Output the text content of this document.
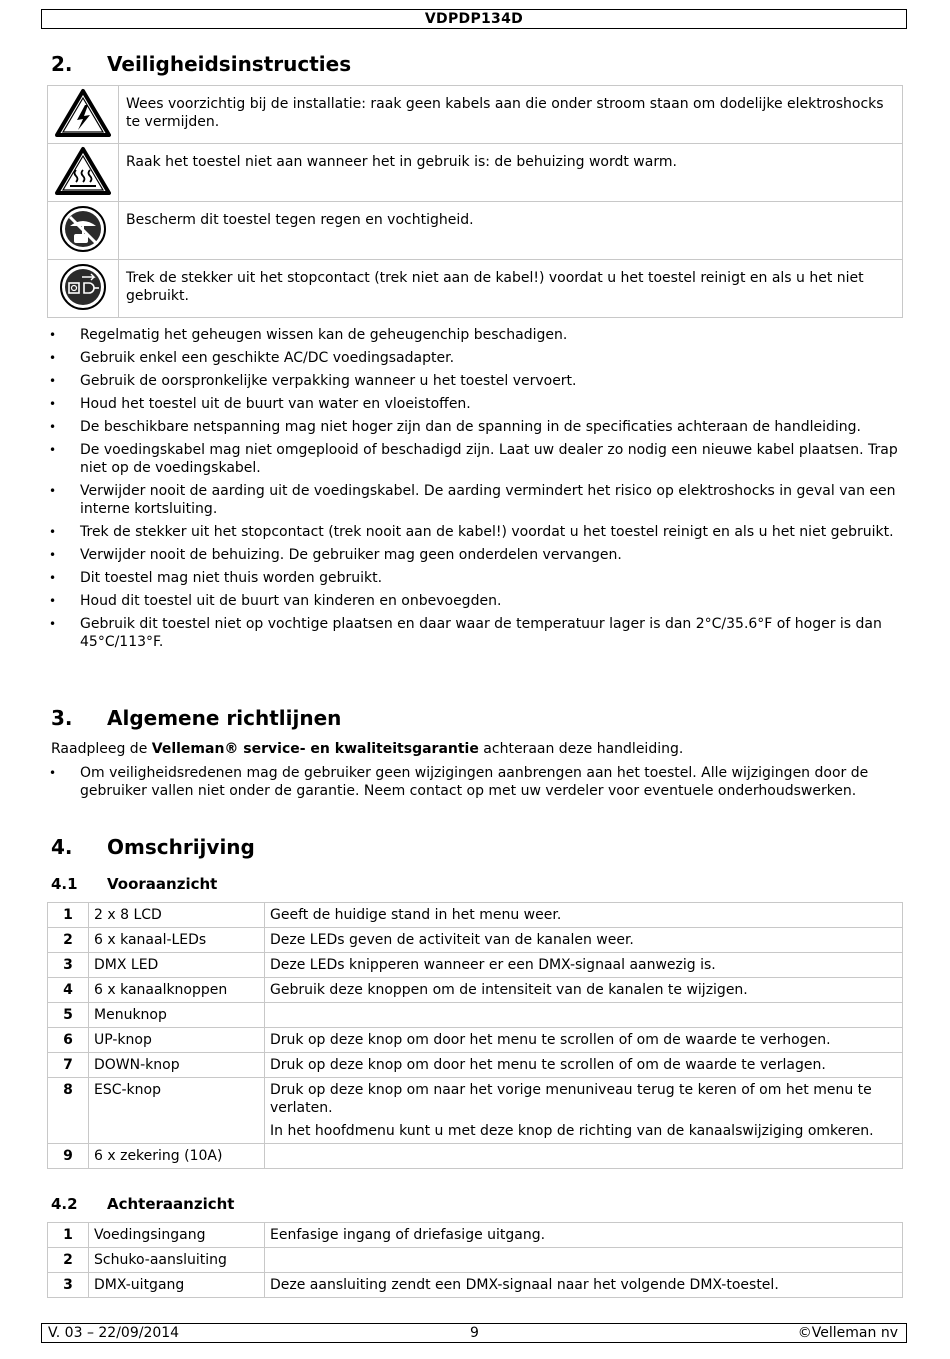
VDPDP134D
2. Veiligheidsinstructies
	Wees voorzichtig bij de installatie: raak geen kabels aan die onder stroom staan om dodelijke elektroshocks te vermijden.
	Raak het toestel niet aan wanneer het in gebruik is: de behuizing wordt warm.
	Bescherm dit toestel tegen regen en vochtigheid.
	Trek de stekker uit het stopcontact (trek niet aan de kabel!) voordat u het toestel reinigt en als u het niet gebruikt.
• Regelmatig het geheugen wissen kan de geheugenchip beschadigen.
• Gebruik enkel een geschikte AC/DC voedingsadapter.
• Gebruik de oorspronkelijke verpakking wanneer u het toestel vervoert.
• Houd het toestel uit de buurt van water en vloeistoffen.
• De beschikbare netspanning mag niet hoger zijn dan de spanning in de specificaties achteraan de handleiding.
• De voedingskabel mag niet omgeplooid of beschadigd zijn. Laat uw dealer zo nodig een nieuwe kabel plaatsen. Trap niet op de voedingskabel.
• Verwijder nooit de aarding uit de voedingskabel. De aarding vermindert het risico op elektroshocks in geval van een interne kortsluiting.
• Trek de stekker uit het stopcontact (trek nooit aan de kabel!) voordat u het toestel reinigt en als u het niet gebruikt.
• Verwijder nooit de behuizing. De gebruiker mag geen onderdelen vervangen.
• Dit toestel mag niet thuis worden gebruikt.
• Houd dit toestel uit de buurt van kinderen en onbevoegden.
• Gebruik dit toestel niet op vochtige plaatsen en daar waar de temperatuur lager is dan 2°C/35.6°F of hoger is dan 45°C/113°F.
3. Algemene richtlijnen

Raadpleeg de Velleman® service- en kwaliteitsgarantie achteraan deze handleiding.

• Om veiligheidsredenen mag de gebruiker geen wijzigingen aanbrengen aan het toestel. Alle wijzigingen door de gebruiker vallen niet onder de garantie. Neem contact op met uw verdeler voor eventuele onderhoudswerken.
4. Omschrijving
4.1 Vooraanzicht
1	2 x 8 LCD	Geeft de huidige stand in het menu weer.

2	6 x kanaal-LEDs	Deze LEDs geven de activiteit van de kanalen weer.

3	DMX LED	Deze LEDs knipperen wanneer er een DMX-signaal aanwezig is.

4	6 x kanaalknoppen	Gebruik deze knoppen om de intensiteit van de kanalen te wijzigen.

5	Menuknop	
6	UP-knop	Druk op deze knop om door het menu te scrollen of om de waarde te verhogen.

7	DOWN-knop	Druk op deze knop om door het menu te scrollen of om de waarde te verlagen.

8	ESC-knop	Druk op deze knop om naar het vorige menuniveau terug te keren of om het menu te verlaten.

In het hoofdmenu kunt u met deze knop de richting van de kanaalswijziging omkeren.

9	6 x zekering (10A)	
4.2 Achteraanzicht
1	Voedingsingang	Eenfasige ingang of driefasige uitgang.

2	Schuko-aansluiting	
3	DMX-uitgang	Deze aansluiting zendt een DMX-signaal naar het volgende DMX-toestel.

V. 03 – 22/09/2014	9	©Velleman nv
